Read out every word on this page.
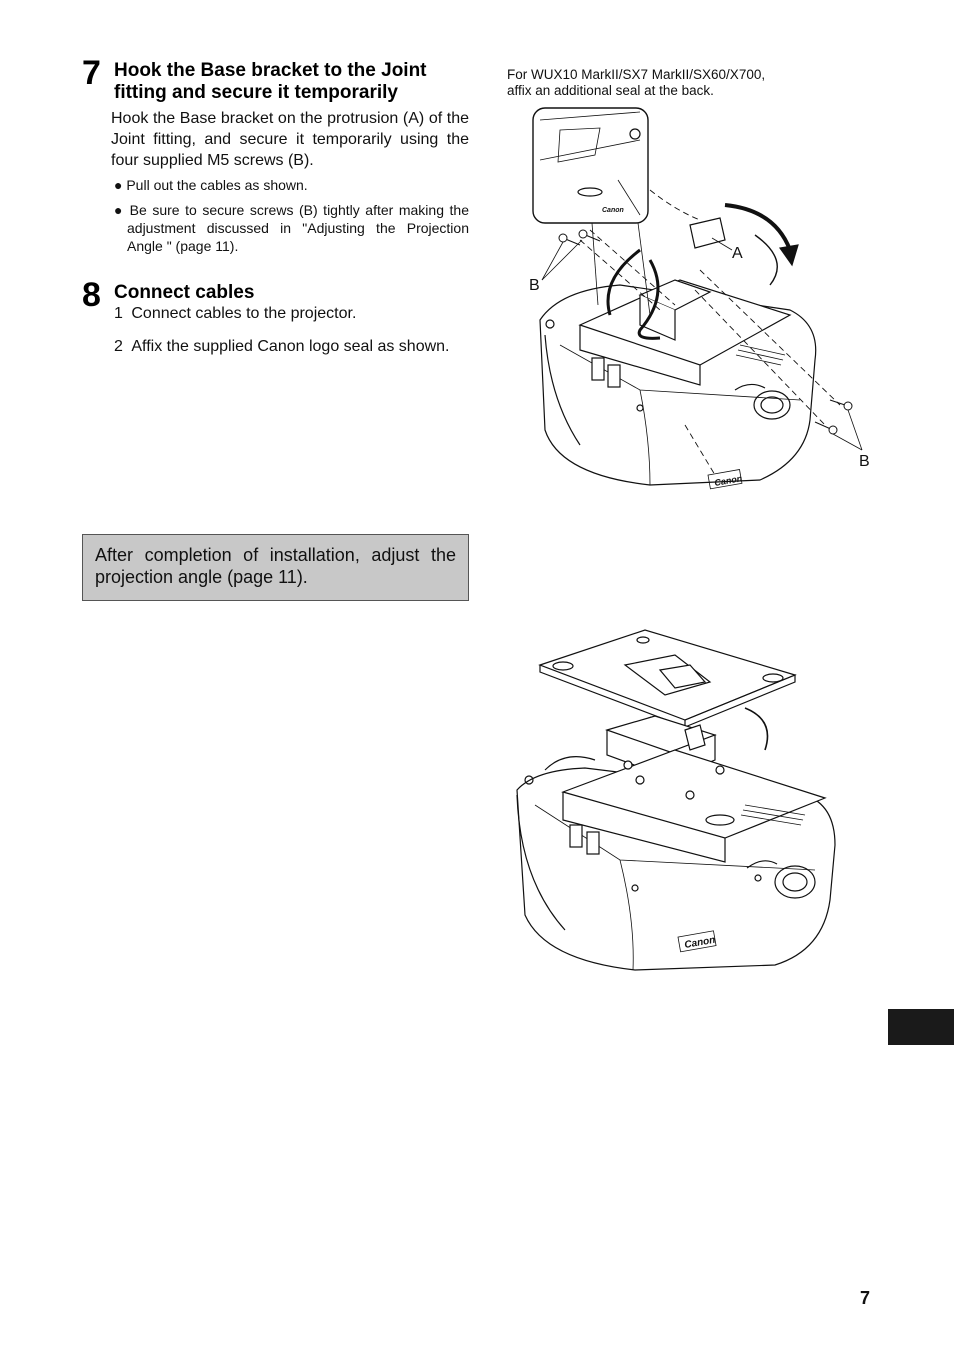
7 Hook the Base bracket to the Joint
fitting and secure it temporarily
Hook the Base bracket on the protrusion (A) of the Joint fitting, and secure it temporarily using the four supplied M5 screws (B).
● Pull out the cables as shown.
● Be sure to secure screws (B) tightly after making the adjustment discussed in "Adjusting the Projection Angle " (page 11).
8 Connect cables
1 Connect cables to the projector.
2 Affix the supplied Canon logo seal as shown.
After completion of installation, adjust the projection angle (page 11).
For WUX10 MarkII/SX7 MarkII/SX60/X700,
affix an additional seal at the back.
Canon
Canon
A
B
B
Canon
7
